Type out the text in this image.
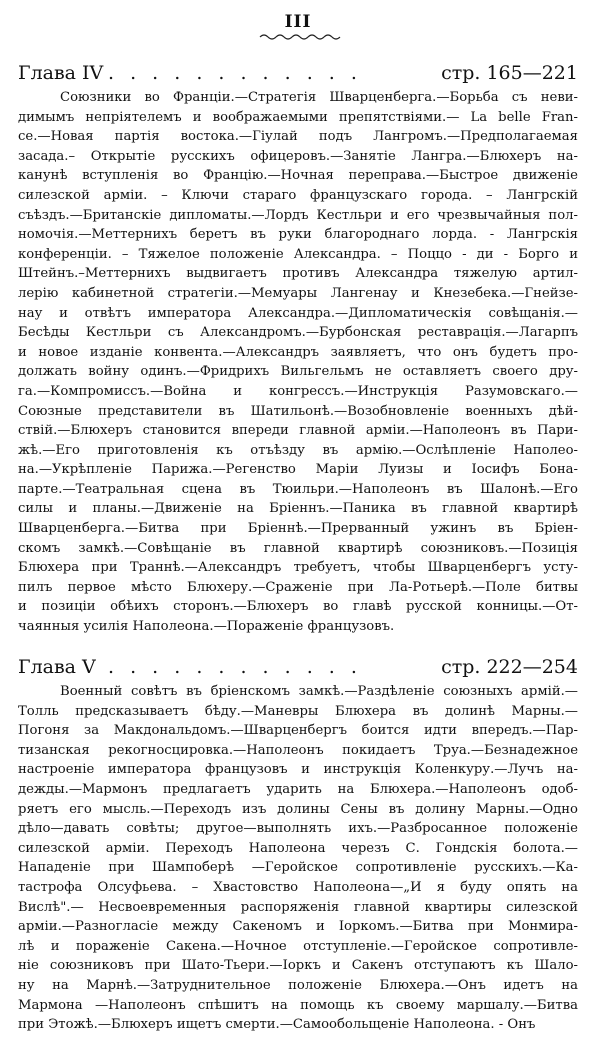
III
Глава IV . . . . . . . . . . . .	стр. 165—221
Союзники во Франціи.—Стратегія Шварценберга.—Борьба съ неви-
димымъ непріятелемъ и воображаемыми препятствіями.— La belle Fran-
ce.—Новая партія востока.—Гіулай подъ Лангромъ.—Предполагаемая
засада.– Открытіе русскихъ офицеровъ.—Занятіе Лангра.—Блюхеръ на-
канунѣ вступленія во Францію.—Ночная переправа.—Быстрое движеніе
силезской арміи. – Ключи стараго французскаго города. – Лангрскій
съѣздъ.—Британскіе дипломаты.—Лордъ Кестльри и его чрезвычайныя пол-
номочія.—Меттернихъ беретъ въ руки благороднаго лорда. - Лангрскія
конференціи. – Тяжелое положеніе Александра. – Поццо - ди - Борго и
Штейнъ.–Меттернихъ выдвигаетъ противъ Александра тяжелую артил-
лерію кабинетной стратегіи.—Мемуары Лангенау и Кнезебека.—Гнейзе-
нау и отвѣтъ императора Александра.—Дипломатическія совѣщанія.—
Бесѣды Кестльри съ Александромъ.—Бурбонская реставрація.—Лагарпъ
и новое изданіе конвента.—Александръ заявляетъ, что онъ будетъ про-
должать войну одинъ.—Фридрихъ Вильгельмъ не оставляетъ своего дру-
га.—Компромиссъ.—Война и конгрессъ.—Инструкція Разумовскаго.—
Союзные представители въ Шатильонѣ.—Возобновленіе военныхъ дѣй-
ствій.—Блюхеръ становится впереди главной арміи.—Наполеонъ въ Пари-
жѣ.—Его приготовленія къ отъѣзду въ армію.—Ослѣпленіе Наполео-
на.—Укрѣпленіе Парижа.—Регенство Маріи Луизы и Іосифъ Бона-
парте.—Театральная сцена въ Тюильри.—Наполеонъ въ Шалонѣ.—Его
силы и планы.—Движеніе на Бріеннъ.—Паника въ главной квартирѣ
Шварценберга.—Битва при Бріеннѣ.—Прерванный ужинъ въ Бріен-
скомъ замкѣ.—Совѣщаніе въ главной квартирѣ союзниковъ.—Позиція
Блюхера при Траннѣ.—Александръ требуетъ, чтобы Шварценбергъ усту-
пилъ первое мѣсто Блюхеру.—Сраженіе при Ла-Ротьерѣ.—Поле битвы
и позиціи обѣихъ сторонъ.—Блюхеръ во главѣ русской конницы.—От-
чаянныя усилія Наполеона.—Пораженіе французовъ.
Глава V . . . . . . . . . . . .	стр. 222—254
Военный совѣтъ въ бріенскомъ замкѣ.—Раздѣленіе союзныхъ армій.—
Толль предсказываетъ бѣду.—Маневры Блюхера въ долинѣ Марны.—
Погоня за Макдональдомъ.—Шварценбергъ боится идти впередъ.—Пар-
тизанская рекогносцировка.—Наполеонъ покидаетъ Труа.—Безнадежное
настроеніе императора французовъ и инструкція Коленкуру.—Лучъ на-
дежды.—Мармонъ предлагаетъ ударить на Блюхера.—Наполеонъ одоб-
ряетъ его мысль.—Переходъ изъ долины Сены въ долину Марны.—Одно
дѣло—давать совѣты; другое—выполнять ихъ.—Разбросанное положеніе
силезской арміи. Переходъ Наполеона черезъ С. Гондскія болота.—
Нападеніе при Шампоберѣ —Геройское сопротивленіе русскихъ.—Ка-
тастрофа Олсуфьева. – Хвастовство Наполеона—„И я буду опять на
Вислѣ".— Несвоевременныя распоряженія главной квартиры силезской
арміи.—Разногласіе между Сакеномъ и Іоркомъ.—Битва при Монмира-
лѣ и пораженіе Сакена.—Ночное отступленіе.—Геройское сопротивле-
ніе союзниковъ при Шато-Тьери.—Іоркъ и Сакенъ отступаютъ къ Шало-
ну на Марнѣ.—Затруднительное положеніе Блюхера.—Онъ идетъ на
Мармона —Наполеонъ спѣшитъ на помощь къ своему маршалу.—Битва
при Этожѣ.—Блюхеръ ищетъ смерти.—Самообольщеніе Наполеона. - Онъ
